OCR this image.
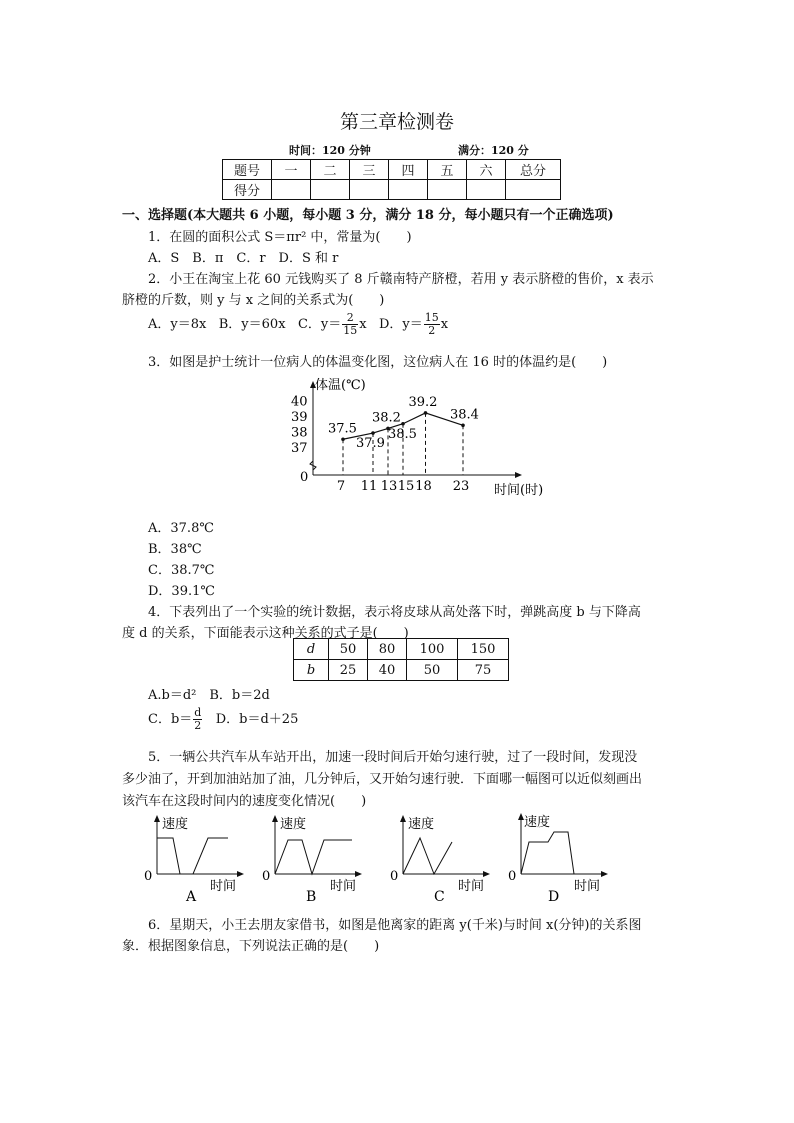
第三章检测卷
时间：120 分钟	满分：120 分
题号	一	二	三	四	五	六	总分
得分							
一、选择题(本大题共 6 小题，每小题 3 分，满分 18 分，每小题只有一个正确选项)
1．在圆的面积公式 S＝πr² 中，常量为(　　)
A．S　B．π　C．r　D．S 和 r
2．小王在淘宝上花 60 元钱购买了 8 斤赣南特产脐橙，若用 y 表示脐橙的售价，x 表示
脐橙的斤数，则 y 与 x 之间的关系式为(　　)
A．y＝8x B．y＝60x C．$y= \frac{2}{15}$ x D．$y= \frac{15}{2}$ x
3．如图是护士统计一位病人的体温变化图，这位病人在 16 时的体温约是(　　)
体温(℃)
时间(时)
0
40
39
38
37
7 11 13 15 18 23
37.5
37.9
38.2
38.5
39.2
38.4
A．37.8℃
B．38℃
C．38.7℃
D．39.1℃
4．下表列出了一个实验的统计数据，表示将皮球从高处落下时，弹跳高度 b 与下降高
度 d 的关系，下面能表示这种关系的式子是(　　)
d	50	80	100	150
b	25	40	50	75
A.b＝d²　B．b＝2d
C．$b= \frac{d}{2}$ D．b＝d＋25
5．一辆公共汽车从车站开出，加速一段时间后开始匀速行驶，过了一段时间，发现没
多少油了，开到加油站加了油，几分钟后，又开始匀速行驶．下面哪一幅图可以近似刻画出
该汽车在这段时间内的速度变化情况(　　)
速度
0
时间
A
速度
0
时间
B
速度
0
时间
C
速度
0
时间
D
6．星期天，小王去朋友家借书，如图是他离家的距离 y(千米)与时间 x(分钟)的关系图
象．根据图象信息，下列说法正确的是(　　)
